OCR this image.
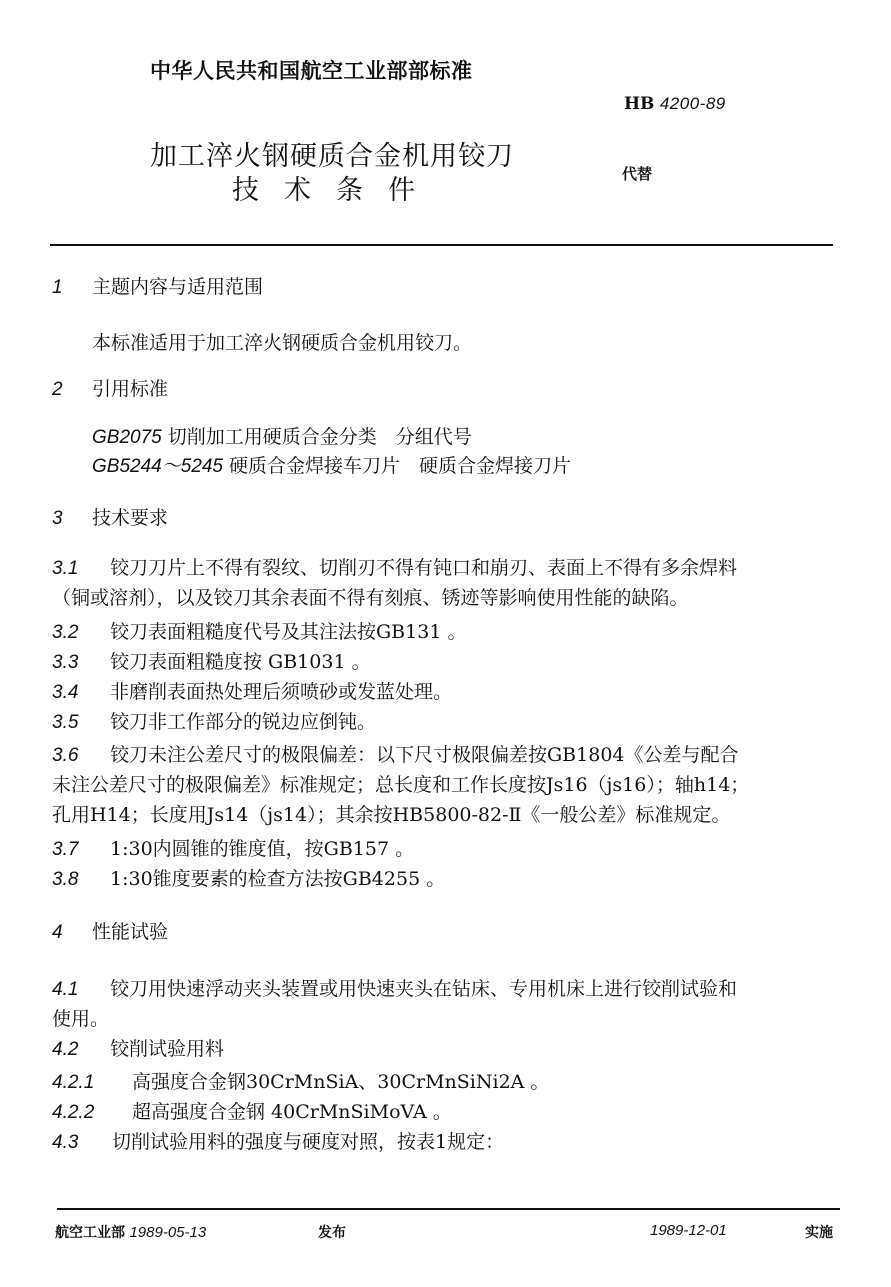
中华人民共和国航空工业部部标准
HB 4200-89
加工淬火钢硬质合金机用铰刀
技术条件
代替
1 主题内容与适用范围
本标准适用于加工淬火钢硬质合金机用铰刀。
2 引用标准
GB2075 切削加工用硬质合金分类　分组代号
GB5244～5245 硬质合金焊接车刀片　硬质合金焊接刀片
3 技术要求
3.1 铰刀刀片上不得有裂纹、切削刃不得有钝口和崩刃、表面上不得有多余焊料
（铜或溶剂），以及铰刀其余表面不得有刻痕、锈迹等影响使用性能的缺陷。
3.2 铰刀表面粗糙度代号及其注法按GB131 。
3.3 铰刀表面粗糙度按 GB1031 。
3.4 非磨削表面热处理后须喷砂或发蓝处理。
3.5 铰刀非工作部分的锐边应倒钝。
3.6 铰刀未注公差尺寸的极限偏差：以下尺寸极限偏差按GB1804《公差与配合
未注公差尺寸的极限偏差》标准规定；总长度和工作长度按Js16（js16）；轴h14；
孔用H14；长度用Js14（js14）；其余按HB5800-82-Ⅱ《一般公差》标准规定。
3.7 1:30内圆锥的锥度值，按GB157 。
3.8 1:30锥度要素的检查方法按GB4255 。
4 性能试验
4.1 铰刀用快速浮动夹头装置或用快速夹头在钻床、专用机床上进行铰削试验和
使用。
4.2 铰削试验用料
4.2.1 高强度合金钢30CrMnSiA、30CrMnSiNi2A 。
4.2.2 超高强度合金钢 40CrMnSiMoVA 。
4.3 切削试验用料的强度与硬度对照，按表1规定：
航空工业部 1989-05-13	发布	1989-12-01	实施
